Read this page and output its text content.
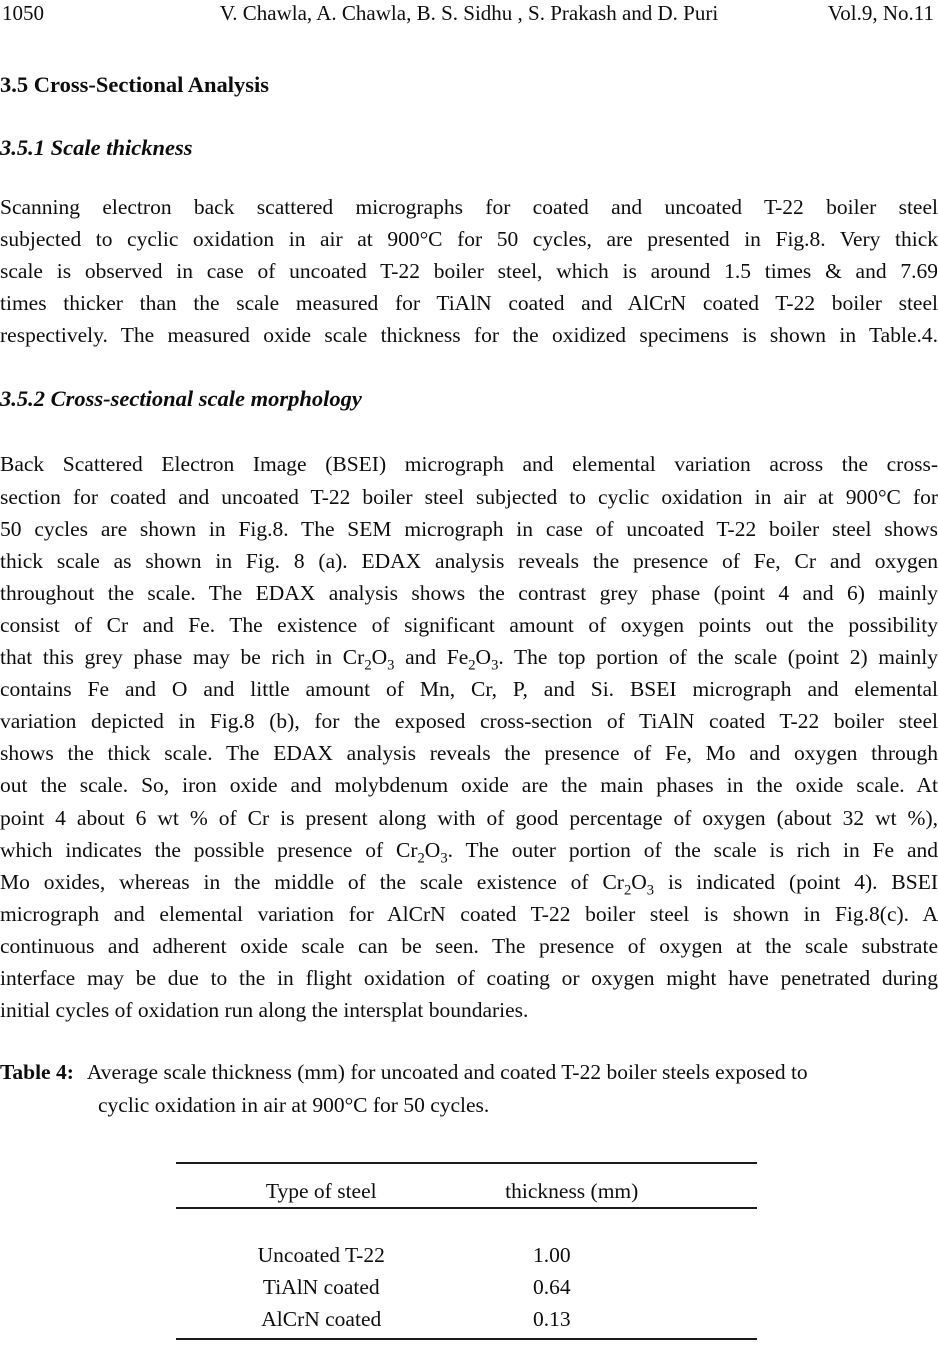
1050	V. Chawla, A. Chawla, B. S. Sidhu , S. Prakash and D. Puri	Vol.9, No.11
3.5 Cross-Sectional Analysis
3.5.1 Scale thickness
Scanning electron back scattered micrographs for coated and uncoated T-22 boiler steel
subjected to cyclic oxidation in air at 900°C for 50 cycles, are presented in Fig.8. Very thick
scale is observed in case of uncoated T-22 boiler steel, which is around 1.5 times & and 7.69
times thicker than the scale measured for TiAlN coated and AlCrN coated T-22 boiler steel
respectively. The measured oxide scale thickness for the oxidized specimens is shown in Table.4.
3.5.2 Cross-sectional scale morphology
Back Scattered Electron Image (BSEI) micrograph and elemental variation across the cross-
section for coated and uncoated T-22 boiler steel subjected to cyclic oxidation in air at 900°C for
50 cycles are shown in Fig.8. The SEM micrograph in case of uncoated T-22 boiler steel shows
thick scale as shown in Fig. 8 (a). EDAX analysis reveals the presence of Fe, Cr and oxygen
throughout the scale. The EDAX analysis shows the contrast grey phase (point 4 and 6) mainly
consist of Cr and Fe. The existence of significant amount of oxygen points out the possibility
that this grey phase may be rich in $Cr_2O_3$ and $Fe_2O_3$. The top portion of the scale (point 2) mainly
contains Fe and O and little amount of Mn, Cr, P, and Si. BSEI micrograph and elemental
variation depicted in Fig.8 (b), for the exposed cross-section of TiAlN coated T-22 boiler steel
shows the thick scale. The EDAX analysis reveals the presence of Fe, Mo and oxygen through
out the scale. So, iron oxide and molybdenum oxide are the main phases in the oxide scale. At
point 4 about 6 wt % of Cr is present along with of good percentage of oxygen (about 32 wt %),
which indicates the possible presence of $Cr_2O_3$. The outer portion of the scale is rich in Fe and
Mo oxides, whereas in the middle of the scale existence of $Cr_2O_3$ is indicated (point 4). BSEI
micrograph and elemental variation for AlCrN coated T-22 boiler steel is shown in Fig.8(c). A
continuous and adherent oxide scale can be seen. The presence of oxygen at the scale substrate
interface may be due to the in flight oxidation of coating or oxygen might have penetrated during
initial cycles of oxidation run along the intersplat boundaries.
Table 4: Average scale thickness (mm) for uncoated and coated T-22 boiler steels exposed to
cyclic oxidation in air at 900°C for 50 cycles.
Type of steel	thickness (mm)
Uncoated T-22	1.00
TiAlN coated	0.64
AlCrN coated	0.13
